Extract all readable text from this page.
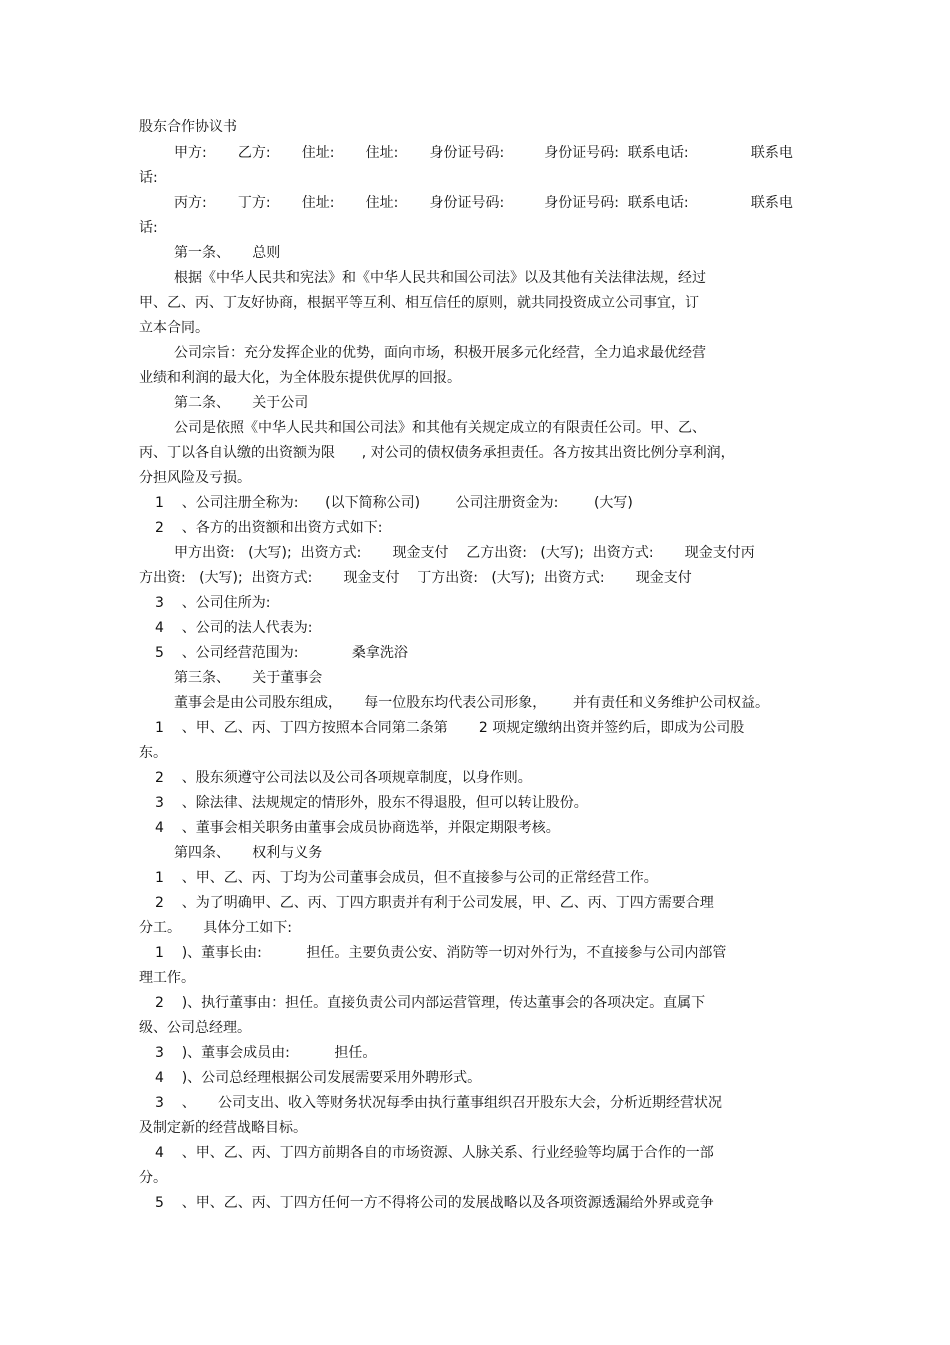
股东合作协议书
甲方:       乙方:       住址:       住址:       身份证号码:         身份证号码:  联系电话:              联系电
话:
丙方:       丁方:       住址:       住址:       身份证号码:         身份证号码:  联系电话:              联系电
话:
第一条、     总则
根据《中华人民共和宪法》和《中华人民共和国公司法》以及其他有关法律法规，经过
甲、乙、丙、丁友好协商，根据平等互利、相互信任的原则，就共同投资成立公司事宜，订
立本合同。
公司宗旨：充分发挥企业的优势，面向市场，积极开展多元化经营，全力追求最优经营
业绩和利润的最大化，为全体股东提供优厚的回报。
第二条、     关于公司
公司是依照《中华人民共和国公司法》和其他有关规定成立的有限责任公司。甲、乙、
丙、丁以各自认缴的出资额为限      , 对公司的债权债务承担责任。各方按其出资比例分享利润，
分担风险及亏损。
1    、公司注册全称为:      (以下简称公司)        公司注册资金为:        (大写)
2    、各方的出资额和出资方式如下:
甲方出资:   (大写);  出资方式:       现金支付    乙方出资:   (大写);  出资方式:       现金支付丙
方出资:   (大写);  出资方式:       现金支付    丁方出资:   (大写);  出资方式:       现金支付
3    、公司住所为:
4    、公司的法人代表为:
5    、公司经营范围为:            桑拿洗浴
第三条、     关于董事会
董事会是由公司股东组成，     每一位股东均代表公司形象，      并有责任和义务维护公司权益。
1    、甲、乙、丙、丁四方按照本合同第二条第       2 项规定缴纳出资并签约后，即成为公司股
东。
2    、股东须遵守公司法以及公司各项规章制度，以身作则。
3    、除法律、法规规定的情形外，股东不得退股，但可以转让股份。
4    、董事会相关职务由董事会成员协商选举，并限定期限考核。
第四条、     权利与义务
1    、甲、乙、丙、丁均为公司董事会成员，但不直接参与公司的正常经营工作。
2    、为了明确甲、乙、丙、丁四方职责并有利于公司发展，甲、乙、丙、丁四方需要合理
分工。     具体分工如下:
1    )、董事长由:          担任。主要负责公安、消防等一切对外行为，不直接参与公司内部管
理工作。
2    )、执行董事由：担任。直接负责公司内部运营管理，传达董事会的各项决定。直属下
级、公司总经理。
3    )、董事会成员由:          担任。
4    )、公司总经理根据公司发展需要采用外聘形式。
3    、     公司支出、收入等财务状况每季由执行董事组织召开股东大会，分析近期经营状况
及制定新的经营战略目标。
4    、甲、乙、丙、丁四方前期各自的市场资源、人脉关系、行业经验等均属于合作的一部
分。
5    、甲、乙、丙、丁四方任何一方不得将公司的发展战略以及各项资源透漏给外界或竞争
